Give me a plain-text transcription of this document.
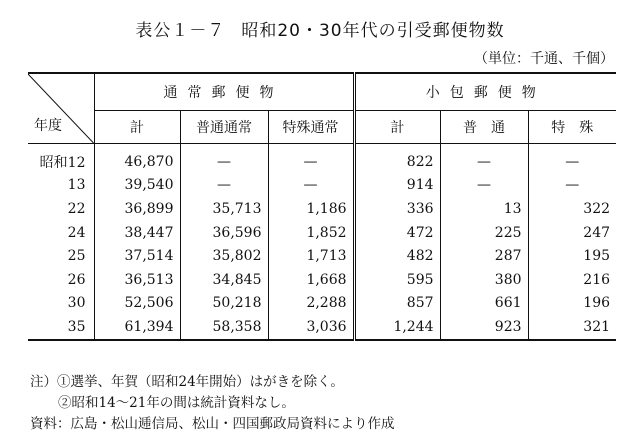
表公１－７ 昭和20・30年代の引受郵便物数
（単位：千通、千個）
年度	通常郵便物			小包郵便物		
	計	普通通常	特殊通常	計	普　通	特　殊
昭和12	46,870	—	—	822	—	—
13	39,540	—	—	914	—	—
22	36,899	35,713	1,186	336	13	322
24	38,447	36,596	1,852	472	225	247
25	37,514	35,802	1,713	482	287	195
26	36,513	34,845	1,668	595	380	216
30	52,506	50,218	2,288	857	661	196
35	61,394	58,358	3,036	1,244	923	321
注）①選挙、年賀（昭和24年開始）はがきを除く。
②昭和14～21年の間は統計資料なし。
資料：広島・松山逓信局、松山・四国郵政局資料により作成
